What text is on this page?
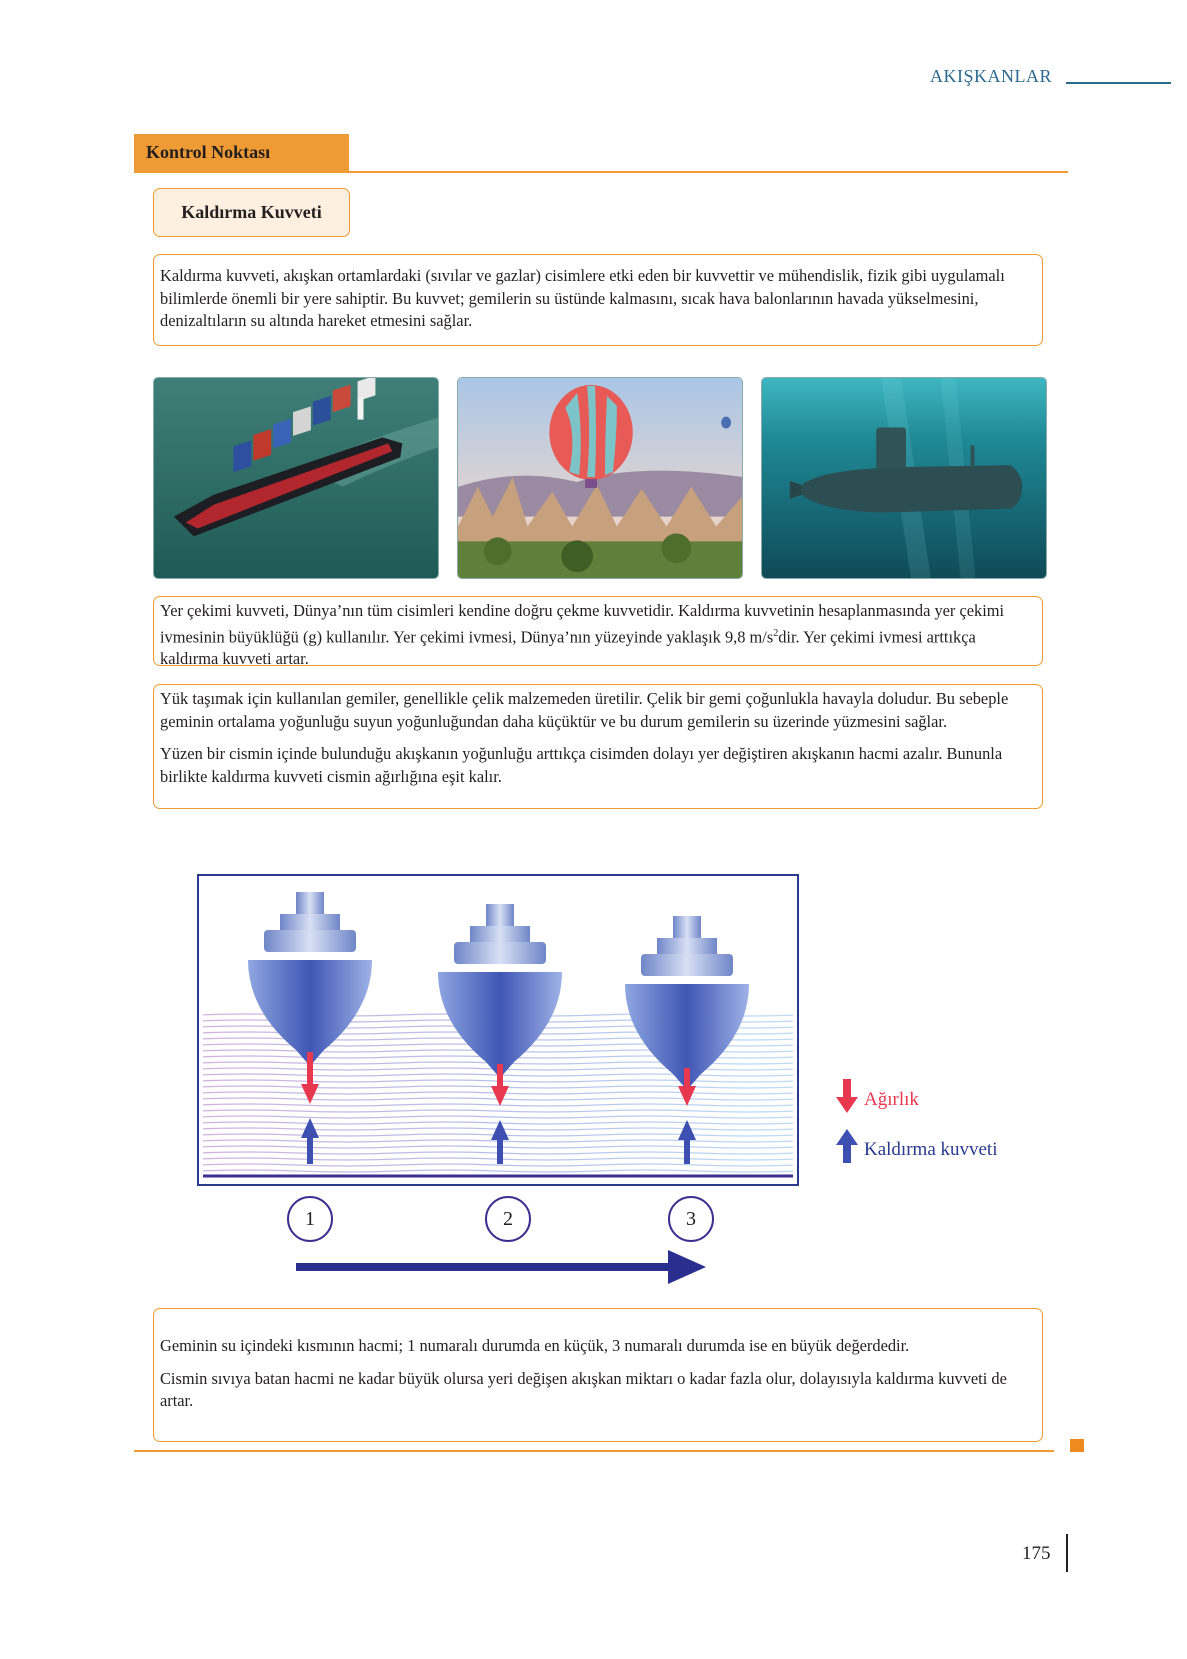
AKIŞKANLAR
Kontrol Noktası
Kaldırma Kuvveti

Kaldırma kuvveti, akışkan ortamlardaki (sıvılar ve gazlar) cisimlere etki eden bir kuvvettir ve mühendislik, fizik gibi uygulamalı bilimlerde önemli bir yere sahiptir. Bu kuvvet; gemilerin su üstünde kalmasını, sıcak hava balonlarının havada yükselmesini, denizaltıların su altında hareket etmesini sağlar.

Yer çekimi kuvveti, Dünya’nın tüm cisimleri kendine doğru çekme kuvvetidir. Kaldırma kuvvetinin hesaplanmasında yer çekimi ivmesinin büyüklüğü (g) kullanılır. Yer çekimi ivmesi, Dünya’nın yüzeyinde yaklaşık 9,8 $m/s^2dir$. Yer çekimi ivmesi arttıkça kaldırma kuvveti artar.

Yük taşımak için kullanılan gemiler, genellikle çelik malzemeden üretilir. Çelik bir gemi çoğunlukla havayla doludur. Bu sebeple geminin ortalama yoğunluğu suyun yoğunluğundan daha küçüktür ve bu durum gemilerin su üzerinde yüzmesini sağlar.

Yüzen bir cismin içinde bulunduğu akışkanın yoğunluğu arttıkça cisimden dolayı yer değiştiren akışkanın hacmi azalır. Bununla birlikte kaldırma kuvveti cismin ağırlığına eşit kalır.

Ağırlık
Kaldırma kuvveti
1	2	3

Geminin su içindeki kısmının hacmi; 1 numaralı durumda en küçük, 3 numaralı durumda ise en büyük değerdedir.

Cismin sıvıya batan hacmi ne kadar büyük olursa yeri değişen akışkan miktarı o kadar fazla olur, dolayısıyla kaldırma kuvveti de artar.

175
